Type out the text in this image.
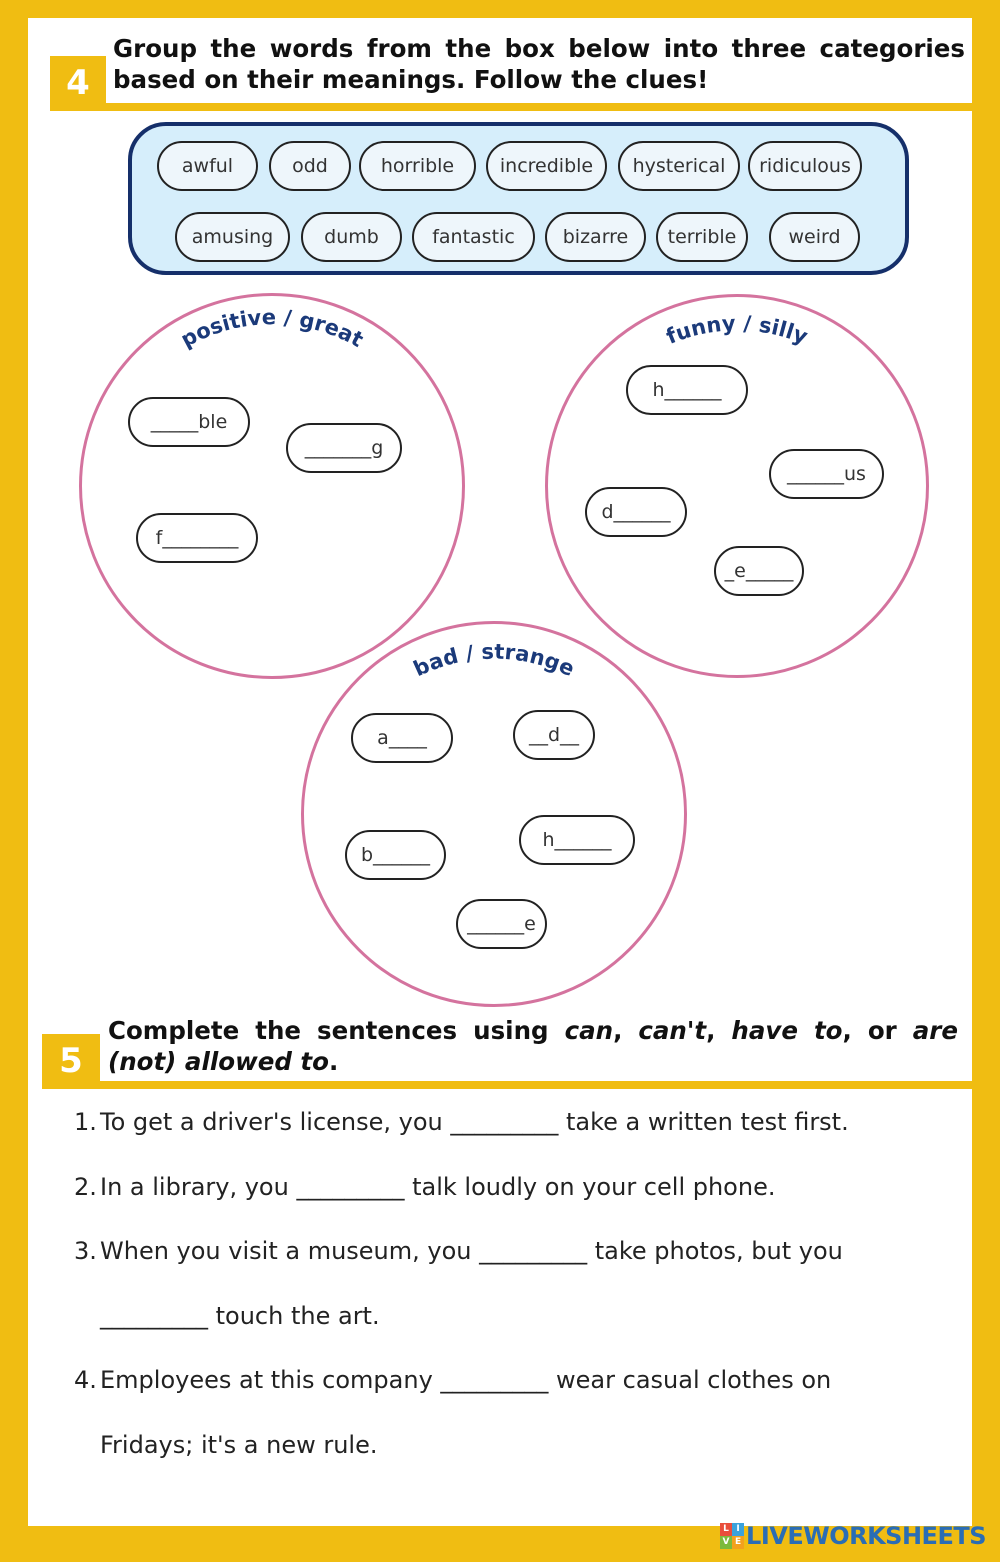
4
Group the words from the box below into three categories based on their meanings. Follow the clues!
awful	odd	horrible	incredible	hysterical	ridiculous
amusing	dumb	fantastic	bizarre	terrible	weird
positive / great	funny / silly
bad / strange
_____ble
_______g
f________
h______
______us
d______
_e_____
a____	__d__
b______
h______
______e
5
Complete the sentences using can, can't, have to, or are (not) allowed to.
1. To get a driver's license, you _________ take a written test first.
2. In a library, you _________ talk loudly on your cell phone.
3. When you visit a museum, you _________ take photos, but you
_________ touch the art.
4. Employees at this company _________ wear casual clothes on
Fridays; it's a new rule.
L I
V E LIVEWORKSHEETS
